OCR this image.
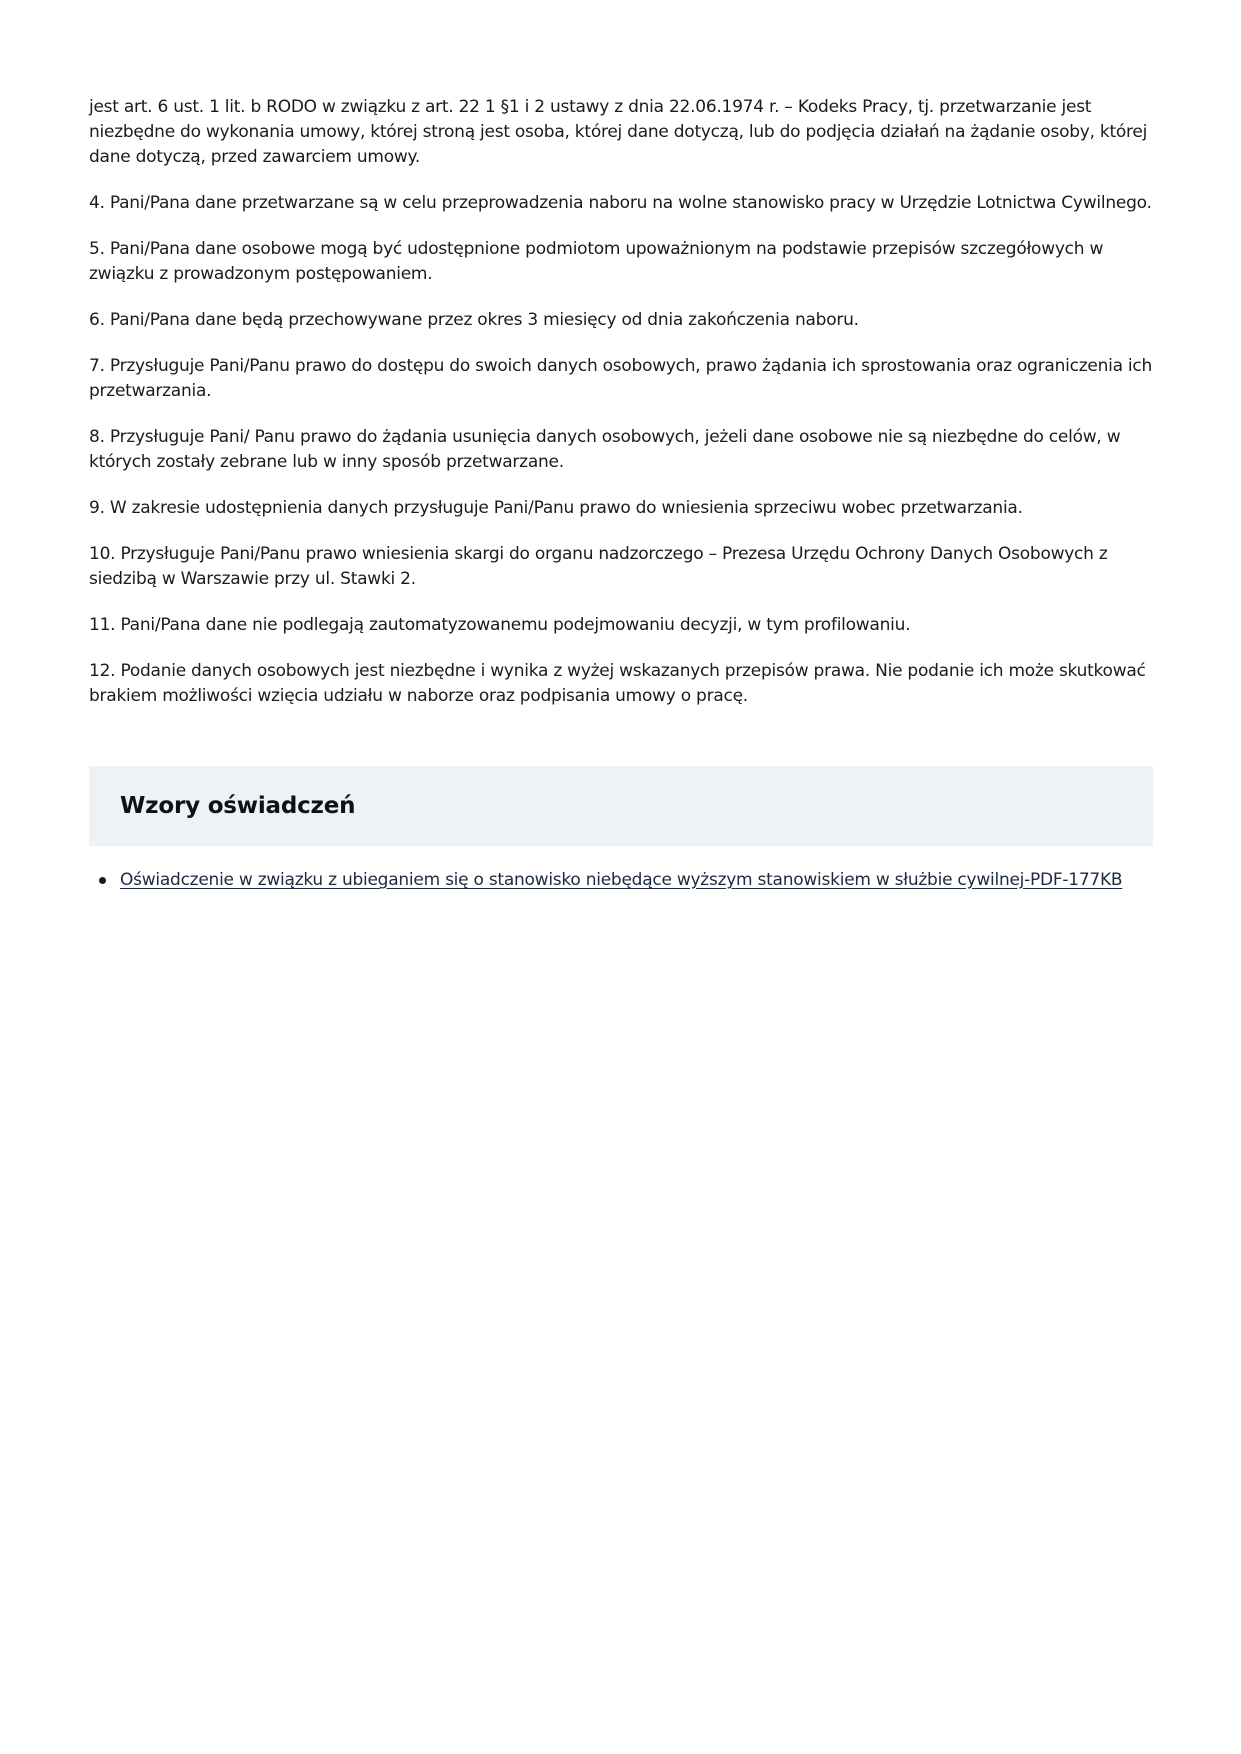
jest art. 6 ust. 1 lit. b RODO w związku z art. 22 1 §1 i 2 ustawy z dnia 22.06.1974 r. – Kodeks Pracy, tj. przetwarzanie jest niezbędne do wykonania umowy, której stroną jest osoba, której dane dotyczą, lub do podjęcia działań na żądanie osoby, której dane dotyczą, przed zawarciem umowy.

4. Pani/Pana dane przetwarzane są w celu przeprowadzenia naboru na wolne stanowisko pracy w Urzędzie Lotnictwa Cywilnego.

5. Pani/Pana dane osobowe mogą być udostępnione podmiotom upoważnionym na podstawie przepisów szczegółowych w związku z prowadzonym postępowaniem.

6. Pani/Pana dane będą przechowywane przez okres 3 miesięcy od dnia zakończenia naboru.

7. Przysługuje Pani/Panu prawo do dostępu do swoich danych osobowych, prawo żądania ich sprostowania oraz ograniczenia ich przetwarzania.

8. Przysługuje Pani/ Panu prawo do żądania usunięcia danych osobowych, jeżeli dane osobowe nie są niezbędne do celów, w których zostały zebrane lub w inny sposób przetwarzane.

9. W zakresie udostępnienia danych przysługuje Pani/Panu prawo do wniesienia sprzeciwu wobec przetwarzania.

10. Przysługuje Pani/Panu prawo wniesienia skargi do organu nadzorczego – Prezesa Urzędu Ochrony Danych Osobowych z siedzibą w Warszawie przy ul. Stawki 2.

11. Pani/Pana dane nie podlegają zautomatyzowanemu podejmowaniu decyzji, w tym profilowaniu.

12. Podanie danych osobowych jest niezbędne i wynika z wyżej wskazanych przepisów prawa. Nie podanie ich może skutkować brakiem możliwości wzięcia udziału w naborze oraz podpisania umowy o pracę.

Wzory oświadczeń
Oświadczenie w związku z ubieganiem się o stanowisko niebędące wyższym stanowiskiem w służbie cywilnej-PDF-177KB
